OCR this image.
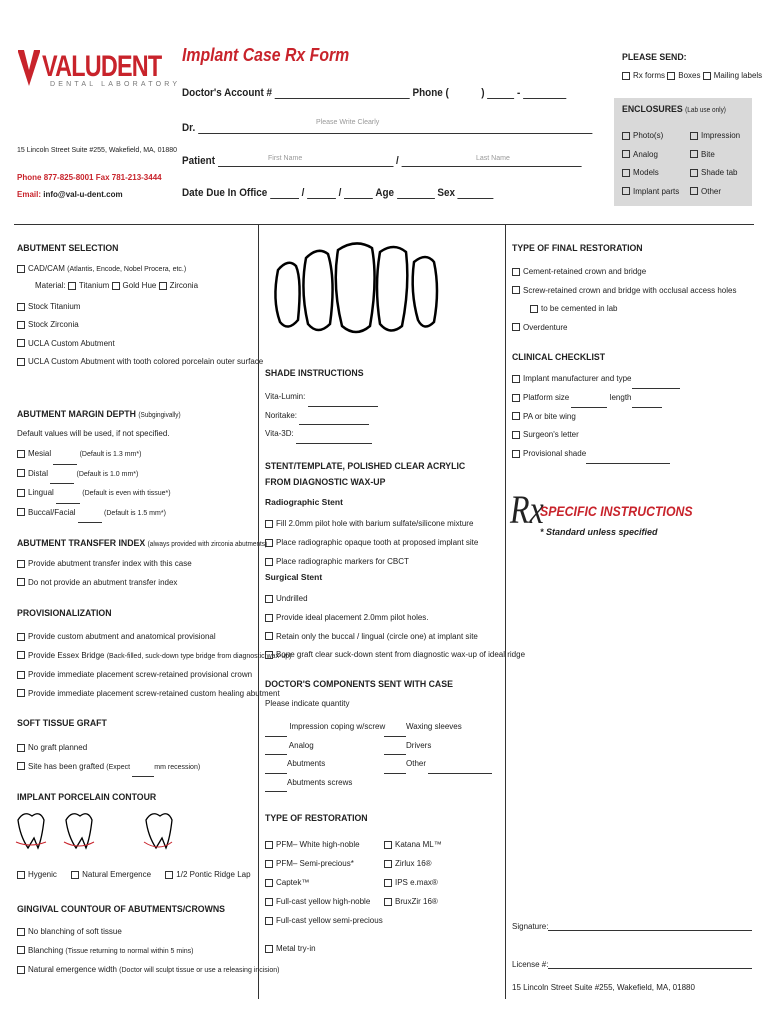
VALUDENT
DENTAL LABORATORY
15 Lincoln Street Suite #255, Wakefield, MA, 01880
Phone 877-825-8001 Fax 781-213-3444
Email: info@val-u-dent.com
Implant Case Rx Form
Doctor's Account #	Phone (	)	-
Please Write Clearly
Dr.
First Name	Last Name
Patient	/
Date Due In Office	/	/	Age	Sex
PLEASE SEND:
Rx forms Boxes Mailing labels
ENCLOSURES (Lab use only)
Photo(s)
Analog
Models
Implant parts
Impression
Bite
Shade tab
Other
ABUTMENT SELECTION
CAD/CAM (Atlantis, Encode, Nobel Procera, etc.)
Material: Titanium Gold Hue Zirconia
Stock Titanium
Stock Zirconia
UCLA Custom Abutment
UCLA Custom Abutment with tooth colored porcelain outer surface
ABUTMENT MARGIN DEPTH (Subgingivally)
Default values will be used, if not specified.
Mesial	(Default is 1.3 mm*)
Distal	(Default is 1.0 mm*)
Lingual	(Default is even with tissue*)
Buccal/Facial	(Default is 1.5 mm*)
ABUTMENT TRANSFER INDEX (always provided with zirconia abutments)
Provide abutment transfer index with this case
Do not provide an abutment transfer index
PROVISIONALIZATION
Provide custom abutment and anatomical provisional
Provide Essex Bridge (Back-filled, suck-down type bridge from diagnostic wax-up)
Provide immediate placement screw-retained provisional crown
Provide immediate placement screw-retained custom healing abutment
SOFT TISSUE GRAFT
No graft planned
Site has been grafted (Expect	mm recession)
IMPLANT PORCELAIN CONTOUR
Hygenic	Natural Emergence	1/2 Pontic Ridge Lap
GINGIVAL COUNTOUR OF ABUTMENTS/CROWNS
No blanching of soft tissue
Blanching (Tissue returning to normal within 5 mins)
Natural emergence width (Doctor will sculpt tissue or use a releasing incision)
SHADE INSTRUCTIONS
Vita-Lumin:
Noritake:
Vita-3D:
STENT/TEMPLATE, POLISHED CLEAR ACRYLIC
FROM DIAGNOSTIC WAX-UP
Radiographic Stent
Fill 2.0mm pilot hole with barium sulfate/silicone mixture
Place radiographic opaque tooth at proposed implant site
Place radiographic markers for CBCT
Surgical Stent
Undrilled
Provide ideal placement 2.0mm pilot holes.
Retain only the buccal / lingual (circle one) at implant site
Bone graft clear suck-down stent from diagnostic wax-up of ideal ridge
DOCTOR'S COMPONENTS SENT WITH CASE
Please indicate quantity
Impression coping w/screw
Analog
Abutments
Abutments screws
Waxing sleeves
Drivers
Other
TYPE OF RESTORATION
PFM– White high-noble
PFM– Semi-precious*
Captek™
Full-cast yellow high-noble
Full-cast yellow semi-precious
Metal try-in
Katana ML™
Zirlux 16®
IPS e.max®
BruxZir 16®
TYPE OF FINAL RESTORATION
Cement-retained crown and bridge
Screw-retained crown and bridge with occlusal access holes
to be cemented in lab
Overdenture
CLINICAL CHECKLIST
Implant manufacturer and type
Platform size	length
PA or bite wing
Surgeon's letter
Provisional shade
Rx
SPECIFIC INSTRUCTIONS
* Standard unless specified
Signature:
License #:
15 Lincoln Street Suite #255, Wakefield, MA, 01880
